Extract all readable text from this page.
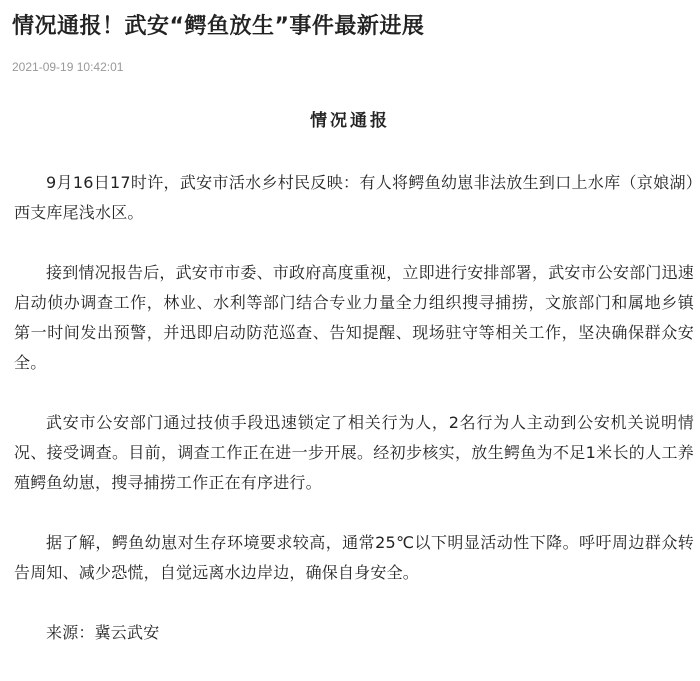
情况通报！武安“鳄鱼放生”事件最新进展
2021-09-19 10:42:01
情况通报

9月16日17时许，武安市活水乡村民反映：有人将鳄鱼幼崽非法放生到口上水库（京娘湖）西支库尾浅水区。

接到情况报告后，武安市市委、市政府高度重视，立即进行安排部署，武安市公安部门迅速启动侦办调查工作，林业、水利等部门结合专业力量全力组织搜寻捕捞，文旅部门和属地乡镇第一时间发出预警，并迅即启动防范巡查、告知提醒、现场驻守等相关工作，坚决确保群众安全。

武安市公安部门通过技侦手段迅速锁定了相关行为人，2名行为人主动到公安机关说明情况、接受调查。目前，调查工作正在进一步开展。经初步核实，放生鳄鱼为不足1米长的人工养殖鳄鱼幼崽，搜寻捕捞工作正在有序进行。

据了解，鳄鱼幼崽对生存环境要求较高，通常25℃以下明显活动性下降。呼吁周边群众转告周知、减少恐慌，自觉远离水边岸边，确保自身安全。

来源：冀云武安
